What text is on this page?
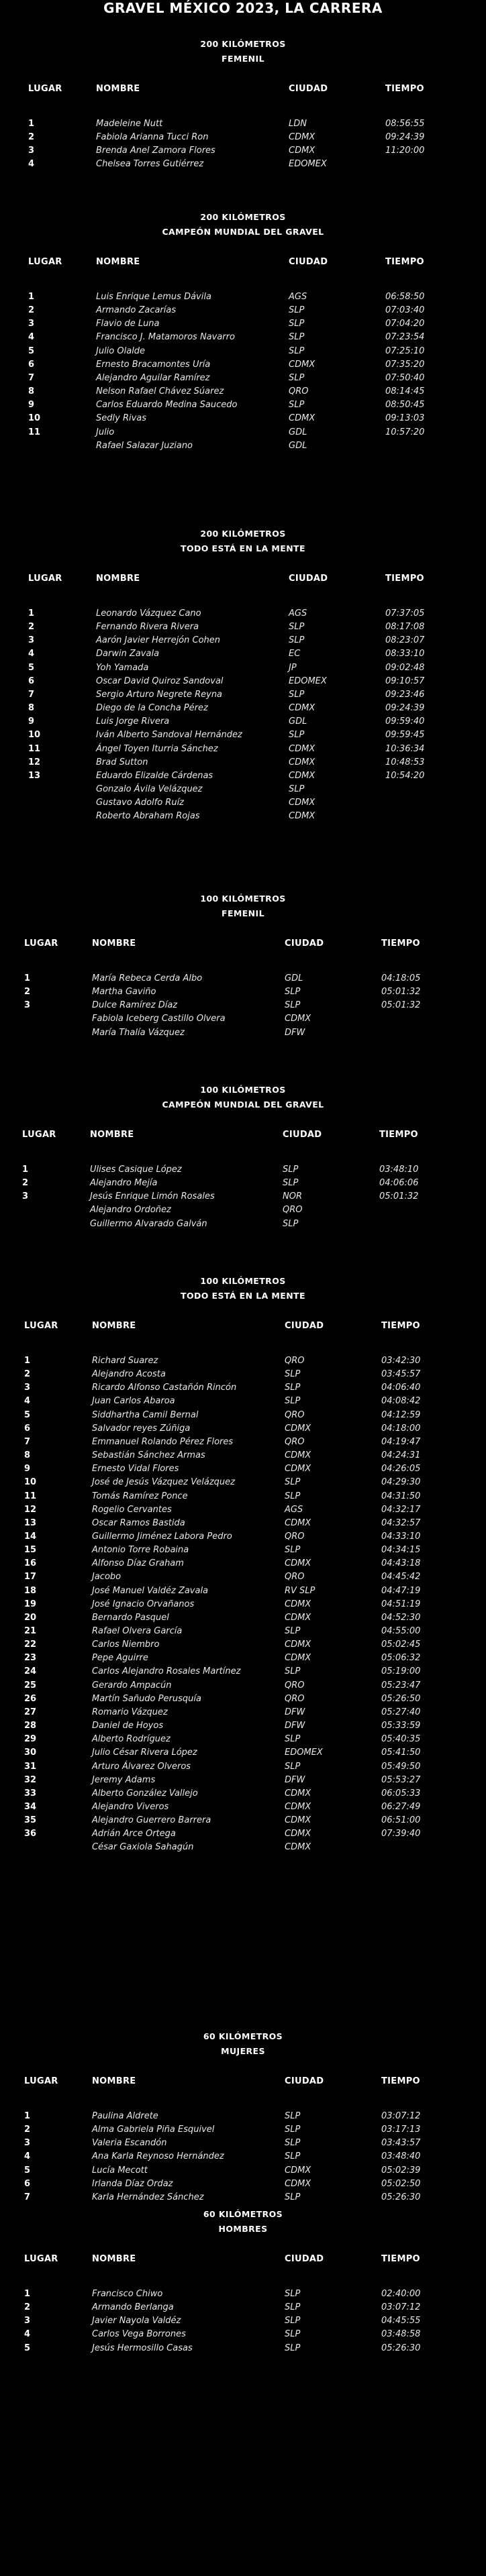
GRAVEL MÉXICO 2023, LA CARRERA
200 KILÓMETROS
FEMENIL
LUGAR	NOMBRE	CIUDAD	TIEMPO
1	Madeleine Nutt	LDN	08:56:55
2	Fabiola Arianna Tucci Ron	CDMX	09:24:39
3	Brenda Anel Zamora Flores	CDMX	11:20:00
4	Chelsea Torres Gutiérrez	EDOMEX
200 KILÓMETROS
CAMPEÓN MUNDIAL DEL GRAVEL
LUGAR	NOMBRE	CIUDAD	TIEMPO
1	Luis Enrique Lemus Dávila	AGS	06:58:50
2	Armando Zacarías	SLP	07:03:40
3	Flavio de Luna	SLP	07:04:20
4	Francisco J. Matamoros Navarro	SLP	07:23:54
5	Julio Olalde	SLP	07:25:10
6	Ernesto Bracamontes Uría	CDMX	07:35:20
7	Alejandro Aguilar Ramírez	SLP	07:50:40
8	Nelson Rafael Chávez Súarez	QRO	08:14:45
9	Carlos Eduardo Medina Saucedo	SLP	08:50:45
10	Sedly Rivas	CDMX	09:13:03
11	Julio	GDL	10:57:20
Rafael Salazar Juziano	GDL
200 KILÓMETROS
TODO ESTÁ EN LA MENTE
LUGAR	NOMBRE	CIUDAD	TIEMPO
1	Leonardo Vázquez Cano	AGS	07:37:05
2	Fernando Rivera Rivera	SLP	08:17:08
3	Aarón Javier Herrejón Cohen	SLP	08:23:07
4	Darwin Zavala	EC	08:33:10
5	Yoh Yamada	JP	09:02:48
6	Oscar David Quiroz Sandoval	EDOMEX	09:10:57
7	Sergio Arturo Negrete Reyna	SLP	09:23:46
8	Diego de la Concha Pérez	CDMX	09:24:39
9	Luis Jorge Rivera	GDL	09:59:40
10	Iván Alberto Sandoval Hernández	SLP	09:59:45
11	Ángel Toyen Iturria Sánchez	CDMX	10:36:34
12	Brad Sutton	CDMX	10:48:53
13	Eduardo Elizalde Cárdenas	CDMX	10:54:20
Gonzalo Ávila Velázquez	SLP
Gustavo Adolfo Ruíz	CDMX
Roberto Abraham Rojas	CDMX
100 KILÓMETROS
FEMENIL
LUGAR	NOMBRE	CIUDAD	TIEMPO
1	María Rebeca Cerda Albo	GDL	04:18:05
2	Martha Gaviño	SLP	05:01:32
3	Dulce Ramírez Díaz	SLP	05:01:32
Fabiola Iceberg Castillo Olvera	CDMX
María Thalía Vázquez	DFW
100 KILÓMETROS
CAMPEÓN MUNDIAL DEL GRAVEL
LUGAR	NOMBRE	CIUDAD	TIEMPO
1	Ulises Casique López	SLP	03:48:10
2	Alejandro Mejía	SLP	04:06:06
3	Jesús Enrique Limón Rosales	NOR	05:01:32
Alejandro Ordoñez	QRO
Guillermo Alvarado Galván	SLP
100 KILÓMETROS
TODO ESTÁ EN LA MENTE
LUGAR	NOMBRE	CIUDAD	TIEMPO
1	Richard Suarez	QRO	03:42:30
2	Alejandro Acosta	SLP	03:45:57
3	Ricardo Alfonso Castañón Rincón	SLP	04:06:40
4	Juan Carlos Abaroa	SLP	04:08:42
5	Siddhartha Camil Bernal	QRO	04:12:59
6	Salvador reyes Zúñiga	CDMX	04:18:00
7	Emmanuel Rolando Pérez Flores	QRO	04:19:47
8	Sebastián Sánchez Armas	CDMX	04:24:31
9	Ernesto Vidal Flores	CDMX	04:26:05
10	José de Jesús Vázquez Velázquez	SLP	04:29:30
11	Tomás Ramírez Ponce	SLP	04:31:50
12	Rogelio Cervantes	AGS	04:32:17
13	Oscar Ramos Bastida	CDMX	04:32:57
14	Guillermo Jiménez Labora Pedro	QRO	04:33:10
15	Antonio Torre Robaina	SLP	04:34:15
16	Alfonso Díaz Graham	CDMX	04:43:18
17	Jacobo	QRO	04:45:42
18	José Manuel Valdéz Zavala	RV SLP	04:47:19
19	José Ignacio Orvañanos	CDMX	04:51:19
20	Bernardo Pasquel	CDMX	04:52:30
21	Rafael Olvera García	SLP	04:55:00
22	Carlos Niembro	CDMX	05:02:45
23	Pepe Aguirre	CDMX	05:06:32
24	Carlos Alejandro Rosales Martínez	SLP	05:19:00
25	Gerardo Ampacún	QRO	05:23:47
26	Martín Sañudo Perusquía	QRO	05:26:50
27	Romario Vázquez	DFW	05:27:40
28	Daniel de Hoyos	DFW	05:33:59
29	Alberto Rodríguez	SLP	05:40:35
30	Julio César Rivera López	EDOMEX	05:41:50
31	Arturo Álvarez Olveros	SLP	05:49:50
32	Jeremy Adams	DFW	05:53:27
33	Alberto González Vallejo	CDMX	06:05:33
34	Alejandro Viveros	CDMX	06:27:49
35	Alejandro Guerrero Barrera	CDMX	06:51:00
36	Adrián Arce Ortega	CDMX	07:39:40
César Gaxiola Sahagún	CDMX
60 KILÓMETROS
MUJERES
LUGAR	NOMBRE	CIUDAD	TIEMPO
1	Paulina Aldrete	SLP	03:07:12
2	Alma Gabriela Piña Esquivel	SLP	03:17:13
3	Valeria Escandón	SLP	03:43:57
4	Ana Karla Reynoso Hernández	SLP	03:48:40
5	Lucía Mecott	CDMX	05:02:39
6	Irlanda Díaz Ordaz	CDMX	05:02:50
7	Karla Hernández Sánchez	SLP	05:26:30
60 KILÓMETROS
HOMBRES
LUGAR	NOMBRE	CIUDAD	TIEMPO
1	Francisco Chiwo	SLP	02:40:00
2	Armando Berlanga	SLP	03:07:12
3	Javier Nayola Valdéz	SLP	04:45:55
4	Carlos Vega Borrones	SLP	03:48:58
5	Jesús Hermosillo Casas	SLP	05:26:30
